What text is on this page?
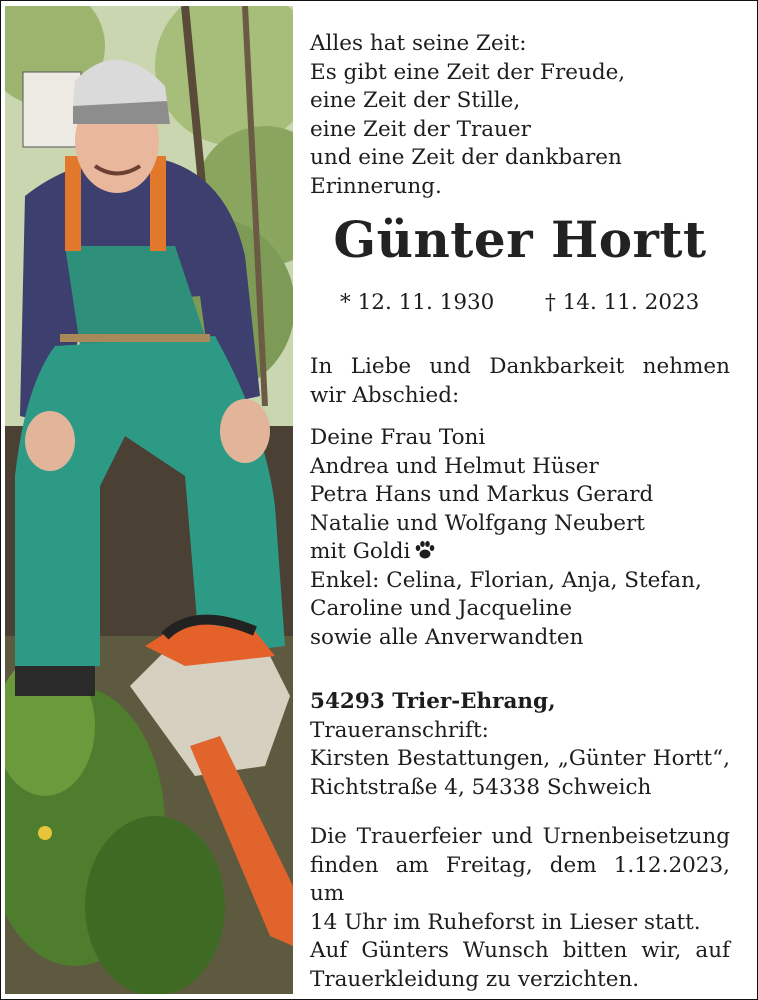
Alles hat seine Zeit:
Es gibt eine Zeit der Freude,
eine Zeit der Stille,
eine Zeit der Trauer
und eine Zeit der dankbaren
Erinnerung.
Günter Hortt
* 12. 11. 1930 † 14. 11. 2023
In Liebe und Dankbarkeit nehmen
wir Abschied:
Deine Frau Toni
Andrea und Helmut Hüser
Petra Hans und Markus Gerard
Natalie und Wolfgang Neubert
mit Goldi
Enkel: Celina, Florian, Anja, Stefan,
Caroline und Jacqueline
sowie alle Anverwandten
54293 Trier-Ehrang,
Traueranschrift:
Kirsten Bestattungen, „Günter Hortt“,
Richtstraße 4, 54338 Schweich
Die Trauerfeier und Urnenbeisetzung
finden am Freitag, dem 1.12.2023, um
14 Uhr im Ruheforst in Lieser statt.
Auf Günters Wunsch bitten wir, auf
Trauerkleidung zu verzichten.
